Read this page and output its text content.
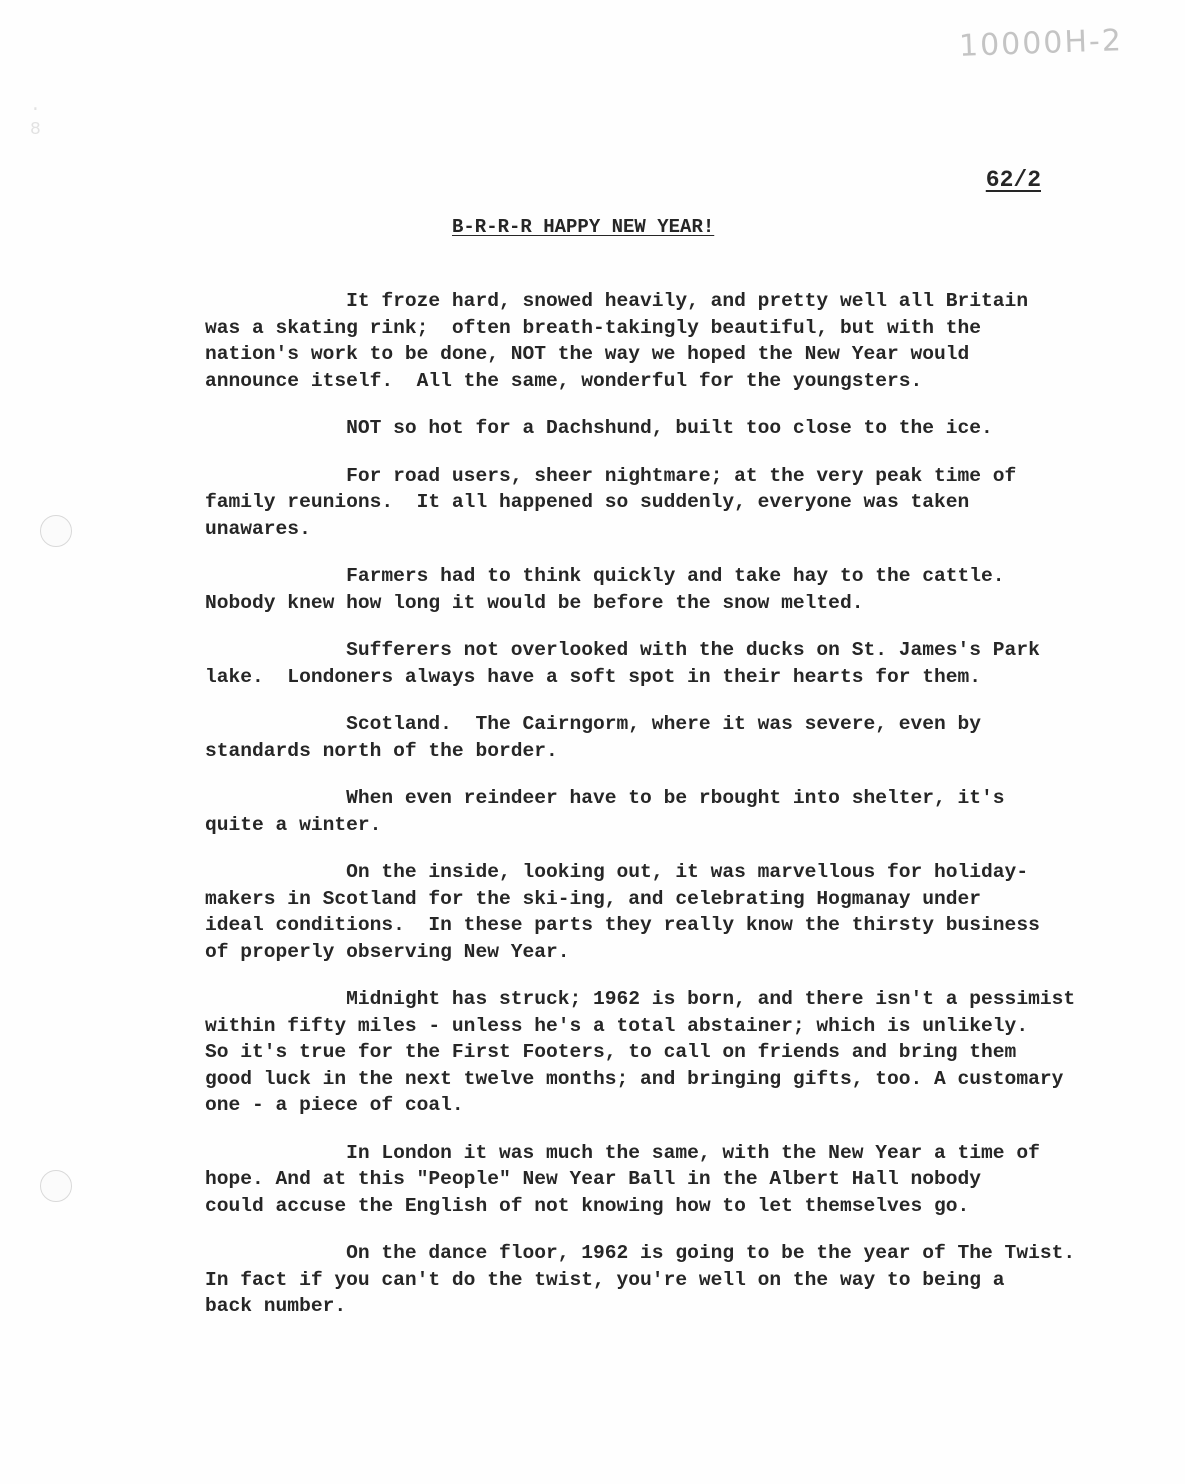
·
8
10000H-2
62/2
B-R-R-R HAPPY NEW YEAR!
It froze hard, snowed heavily, and pretty well all Britain
was a skating rink;  often breath-takingly beautiful, but with the
nation's work to be done, NOT the way we hoped the New Year would
announce itself.  All the same, wonderful for the youngsters.
NOT so hot for a Dachshund, built too close to the ice.
For road users, sheer nightmare; at the very peak time of
family reunions.  It all happened so suddenly, everyone was taken
unawares.
Farmers had to think quickly and take hay to the cattle.
Nobody knew how long it would be before the snow melted.
Sufferers not overlooked with the ducks on St. James's Park
lake.  Londoners always have a soft spot in their hearts for them.
Scotland.  The Cairngorm, where it was severe, even by
standards north of the border.
When even reindeer have to be rbought into shelter, it's
quite a winter.
On the inside, looking out, it was marvellous for holiday-
makers in Scotland for the ski-ing, and celebrating Hogmanay under
ideal conditions.  In these parts they really know the thirsty business
of properly observing New Year.
Midnight has struck; 1962 is born, and there isn't a pessimist
within fifty miles - unless he's a total abstainer; which is unlikely.
So it's true for the First Footers, to call on friends and bring them
good luck in the next twelve months; and bringing gifts, too. A customary
one - a piece of coal.
In London it was much the same, with the New Year a time of
hope. And at this "People" New Year Ball in the Albert Hall nobody
could accuse the English of not knowing how to let themselves go.
On the dance floor, 1962 is going to be the year of The Twist.
In fact if you can't do the twist, you're well on the way to being a
back number.
